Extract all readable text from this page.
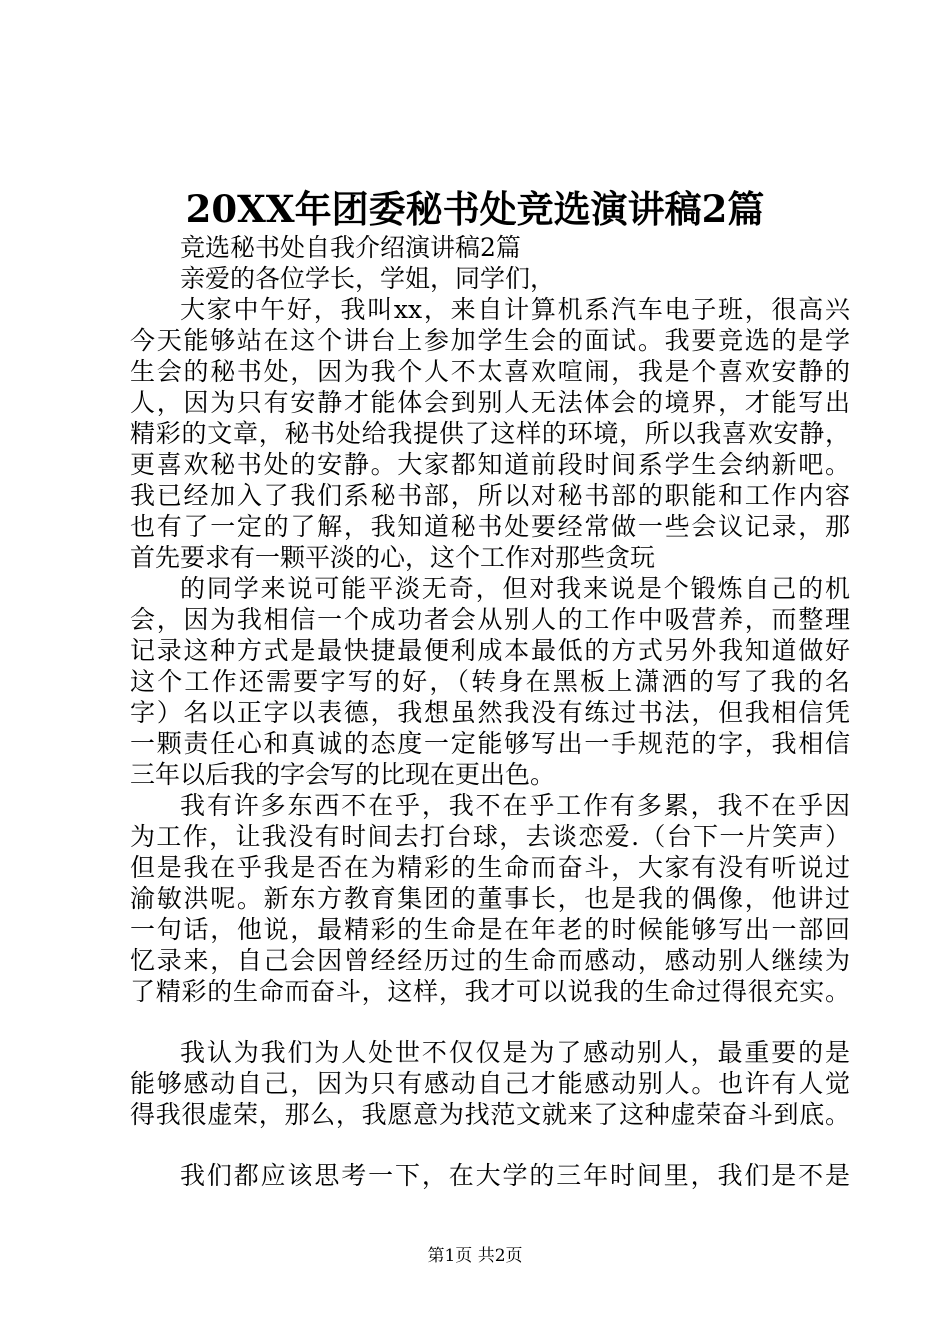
20XX年团委秘书处竞选演讲稿2篇
竞选秘书处自我介绍演讲稿2篇
亲爱的各位学长，学姐，同学们，
大家中午好，我叫xx，来自计算机系汽车电子班，很高兴
今天能够站在这个讲台上参加学生会的面试。我要竞选的是学
生会的秘书处，因为我个人不太喜欢喧闹，我是个喜欢安静的
人，因为只有安静才能体会到别人无法体会的境界，才能写出
精彩的文章，秘书处给我提供了这样的环境，所以我喜欢安静，
更喜欢秘书处的安静。大家都知道前段时间系学生会纳新吧。
我已经加入了我们系秘书部，所以对秘书部的职能和工作内容
也有了一定的了解，我知道秘书处要经常做一些会议记录，那
首先要求有一颗平淡的心，这个工作对那些贪玩
的同学来说可能平淡无奇，但对我来说是个锻炼自己的机
会，因为我相信一个成功者会从别人的工作中吸营养，而整理
记录这种方式是最快捷最便利成本最低的方式另外我知道做好
这个工作还需要字写的好，（转身在黑板上潇洒的写了我的名
字）名以正字以表德，我想虽然我没有练过书法，但我相信凭
一颗责任心和真诚的态度一定能够写出一手规范的字，我相信
三年以后我的字会写的比现在更出色。
我有许多东西不在乎，我不在乎工作有多累，我不在乎因
为工作，让我没有时间去打台球，去谈恋爱.（台下一片笑声）
但是我在乎我是否在为精彩的生命而奋斗，大家有没有听说过
渝敏洪呢。新东方教育集团的董事长，也是我的偶像，他讲过
一句话，他说，最精彩的生命是在年老的时候能够写出一部回
忆录来，自己会因曾经经历过的生命而感动，感动别人继续为
了精彩的生命而奋斗，这样，我才可以说我的生命过得很充实。
我认为我们为人处世不仅仅是为了感动别人，最重要的是
能够感动自己，因为只有感动自己才能感动别人。也许有人觉
得我很虚荣，那么，我愿意为找范文就来了这种虚荣奋斗到底。
我们都应该思考一下，在大学的三年时间里，我们是不是
第1页 共2页
